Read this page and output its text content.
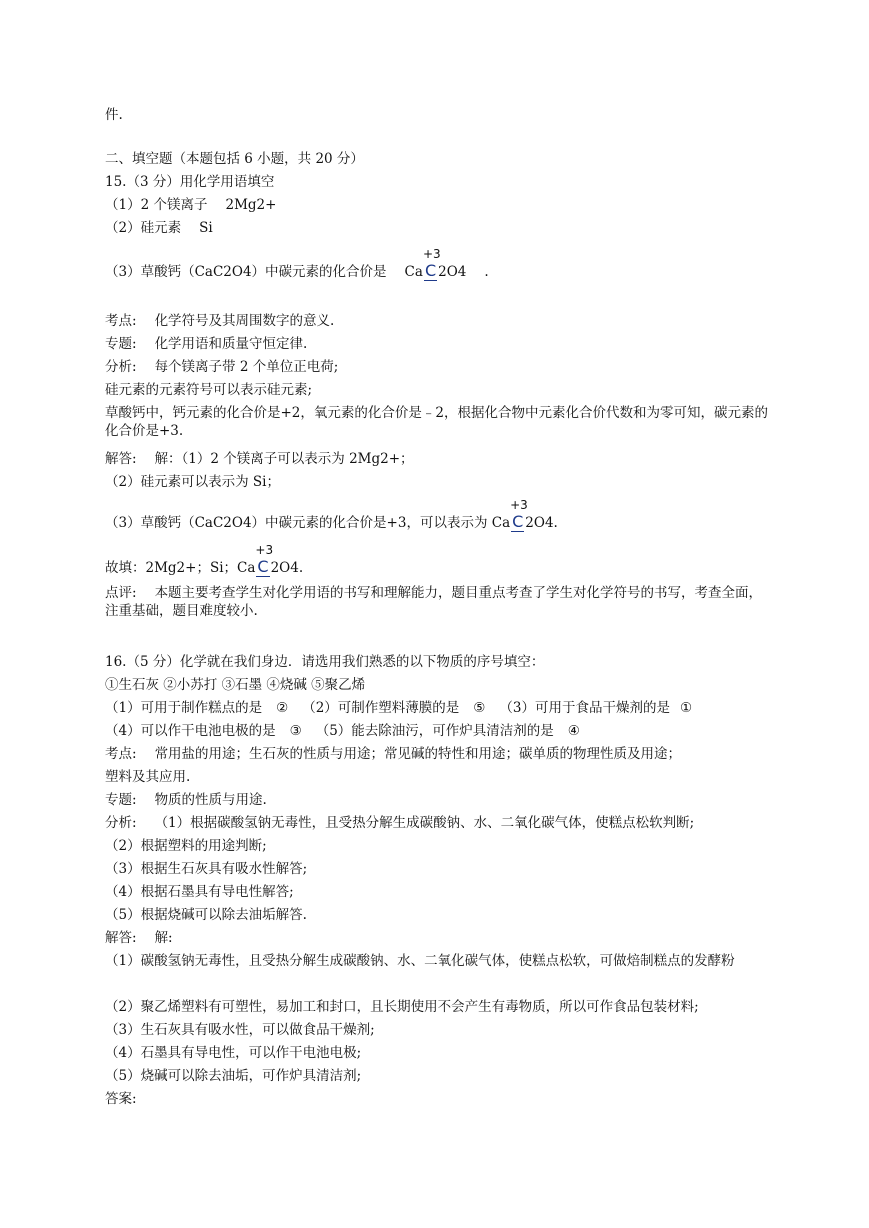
件.
二、填空题（本题包括 6 小题，共 20 分）
15.（3 分）用化学用语填空
（1）2 个镁离子 2Mg2+
（2）硅元素 Si
（3）草酸钙（CaC2O4）中碳元素的化合价是 Ca
+3
C 2O4 .
考点: 化学符号及其周围数字的意义.
专题: 化学用语和质量守恒定律.
分析: 每个镁离子带 2 个单位正电荷;
硅元素的元素符号可以表示硅元素;
草酸钙中，钙元素的化合价是+2，氧元素的化合价是﹣2，根据化合物中元素化合价代数和为零可知，碳元素的化合价是+3.
解答: 解：（1）2 个镁离子可以表示为 2Mg2+；
（2）硅元素可以表示为 Si；
（3）草酸钙（CaC2O4）中碳元素的化合价是+3，可以表示为 Ca
+3
C 2O4.
故填：2Mg2+；Si；Ca
+3
C 2O4.
点评: 本题主要考查学生对化学用语的书写和理解能力，题目重点考查了学生对化学符号的书写，考查全面，注重基础，题目难度较小.
16.（5 分）化学就在我们身边．请选用我们熟悉的以下物质的序号填空：
①生石灰 ②小苏打 ③石墨 ④烧碱 ⑤聚乙烯
（1）可用于制作糕点的是 ② （2）可制作塑料薄膜的是 ⑤ （3）可用于食品干燥剂的是 ①
（4）可以作干电池电极的是 ③ （5）能去除油污，可作炉具清洁剂的是 ④
考点: 常用盐的用途；生石灰的性质与用途；常见碱的特性和用途；碳单质的物理性质及用途；
塑料及其应用.
专题: 物质的性质与用途.
分析: （1）根据碳酸氢钠无毒性，且受热分解生成碳酸钠、水、二氧化碳气体，使糕点松软判断;
（2）根据塑料的用途判断;
（3）根据生石灰具有吸水性解答;
（4）根据石墨具有导电性解答;
（5）根据烧碱可以除去油垢解答.
解答: 解:
（1）碳酸氢钠无毒性，且受热分解生成碳酸钠、水、二氧化碳气体，使糕点松软，可做焙制糕点的发酵粉
（2）聚乙烯塑料有可塑性，易加工和封口，且长期使用不会产生有毒物质，所以可作食品包装材料;
（3）生石灰具有吸水性，可以做食品干燥剂;
（4）石墨具有导电性，可以作干电池电极;
（5）烧碱可以除去油垢，可作炉具清洁剂;
答案:
